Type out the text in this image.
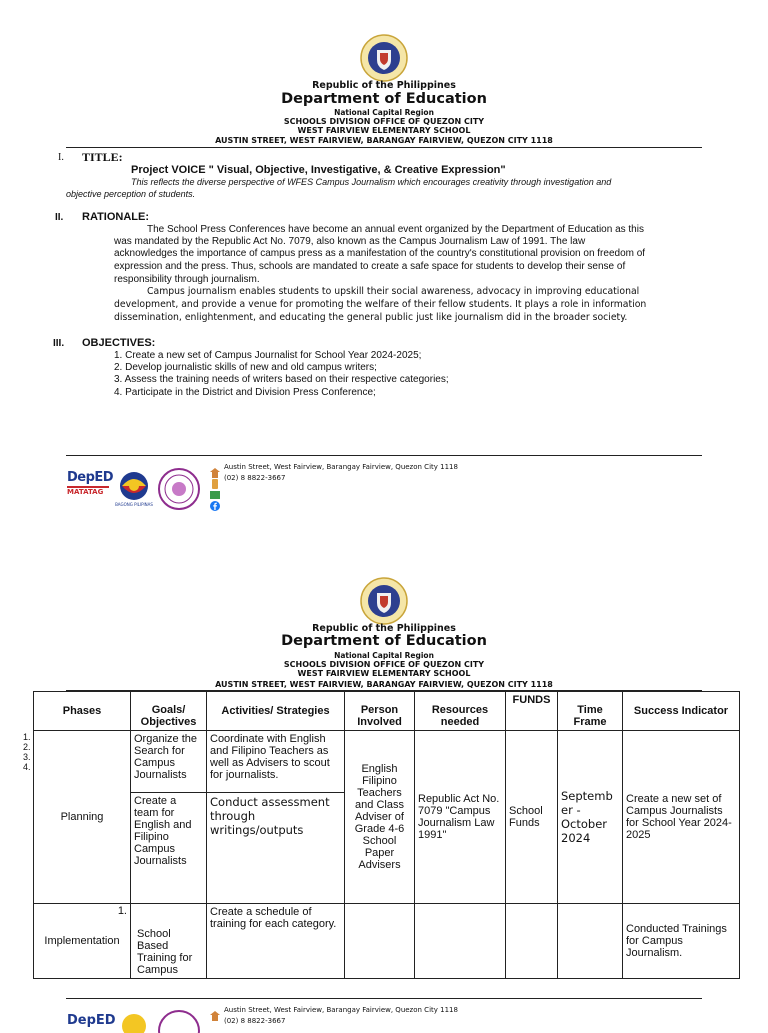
Republic of the Philippines
Department of Education
National Capital Region
SCHOOLS DIVISION OFFICE OF QUEZON CITY
WEST FAIRVIEW ELEMENTARY SCHOOL
AUSTIN STREET, WEST FAIRVIEW, BARANGAY FAIRVIEW, QUEZON CITY 1118
I. TITLE:
Project VOICE " Visual, Objective, Investigative, & Creative Expression"
This reflects the diverse perspective of WFES Campus Journalism which encourages creativity through investigation and
objective perception of students.
II. RATIONALE:
The School Press Conferences have become an annual event organized by the Department of Education as this
was mandated by the Republic Act No. 7079, also known as the Campus Journalism Law of 1991. The law
acknowledges the importance of campus press as a manifestation of the country's constitutional provision on freedom of
expression and the press. Thus, schools are mandated to create a safe space for students to develop their sense of
responsibility through journalism.
Campus journalism enables students to upskill their social awareness, advocacy in improving educational
development, and provide a venue for promoting the welfare of their fellow students. It plays a role in information
dissemination, enlightenment, and educating the general public just like journalism did in the broader society.
III. OBJECTIVES:
1. Create a new set of Campus Journalist for School Year 2024-2025;
2. Develop journalistic skills of new and old campus writers;
3. Assess the training needs of writers based on their respective categories;
4. Participate in the District and Division Press Conference;
DepED
MATATAG
BAGONG PILIPINAS
Austin Street, West Fairview, Barangay Fairview, Quezon City 1118
(02) 8 8822-3667
Republic of the Philippines
Department of Education
National Capital Region
SCHOOLS DIVISION OFFICE OF QUEZON CITY
WEST FAIRVIEW ELEMENTARY SCHOOL
AUSTIN STREET, WEST FAIRVIEW, BARANGAY FAIRVIEW, QUEZON CITY 1118
1.
2.
3.
4.
Phases	Goals/ Objectives	Activities/ Strategies	Person Involved	Resources needed	FUNDS	Time Frame	Success Indicator
Planning	Organize the Search for Campus Journalists	Coordinate with English and Filipino Teachers as well as Advisers to scout for journalists.	English Filipino Teachers and Class Adviser of Grade 4-6 School Paper Advisers	Republic Act No. 7079 "Campus Journalism Law 1991"	School Funds	Septemb er - October 2024	Create a new set of Campus Journalists for School Year 2024-2025
	Create a team for English and Filipino Campus Journalists	Conduct assessment through writings/outputs					

1.
Implementation	School Based Training for Campus	Create a schedule of training for each category.					Conducted Trainings for Campus Journalism.
DepED
Austin Street, West Fairview, Barangay Fairview, Quezon City 1118
(02) 8 8822-3667
